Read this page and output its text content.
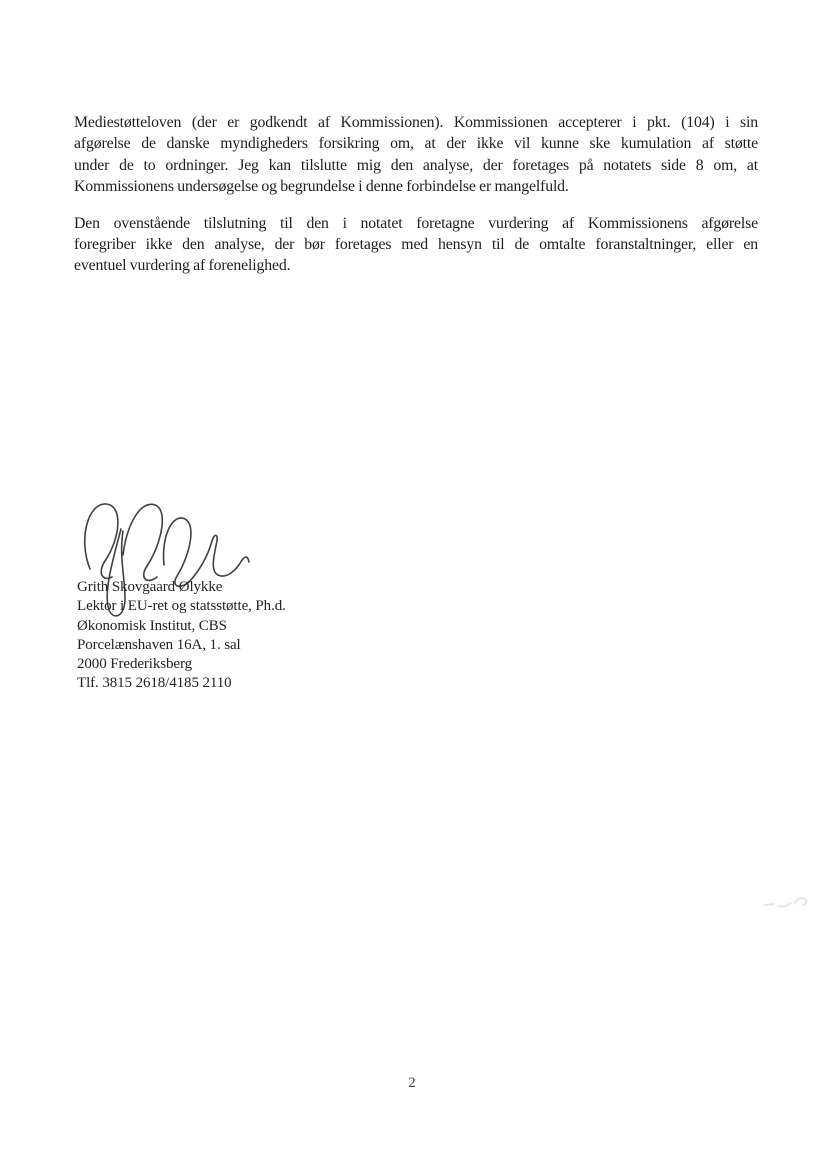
Mediestøtteloven (der er godkendt af Kommissionen). Kommissionen accepterer i pkt. (104) i sin
afgørelse de danske myndigheders forsikring om, at der ikke vil kunne ske kumulation af støtte
under de to ordninger. Jeg kan tilslutte mig den analyse, der foretages på notatets side 8 om, at
Kommissionens undersøgelse og begrundelse i denne forbindelse er mangelfuld.
Den ovenstående tilslutning til den i notatet foretagne vurdering af Kommissionens afgørelse
foregriber ikke den analyse, der bør foretages med hensyn til de omtalte foranstaltninger, eller en
eventuel vurdering af forenelighed.
Grith Skovgaard Ølykke
Lektor i EU-ret og statsstøtte, Ph.d.
Økonomisk Institut, CBS
Porcelænshaven 16A, 1. sal
2000 Frederiksberg
Tlf. 3815 2618/4185 2110
2
